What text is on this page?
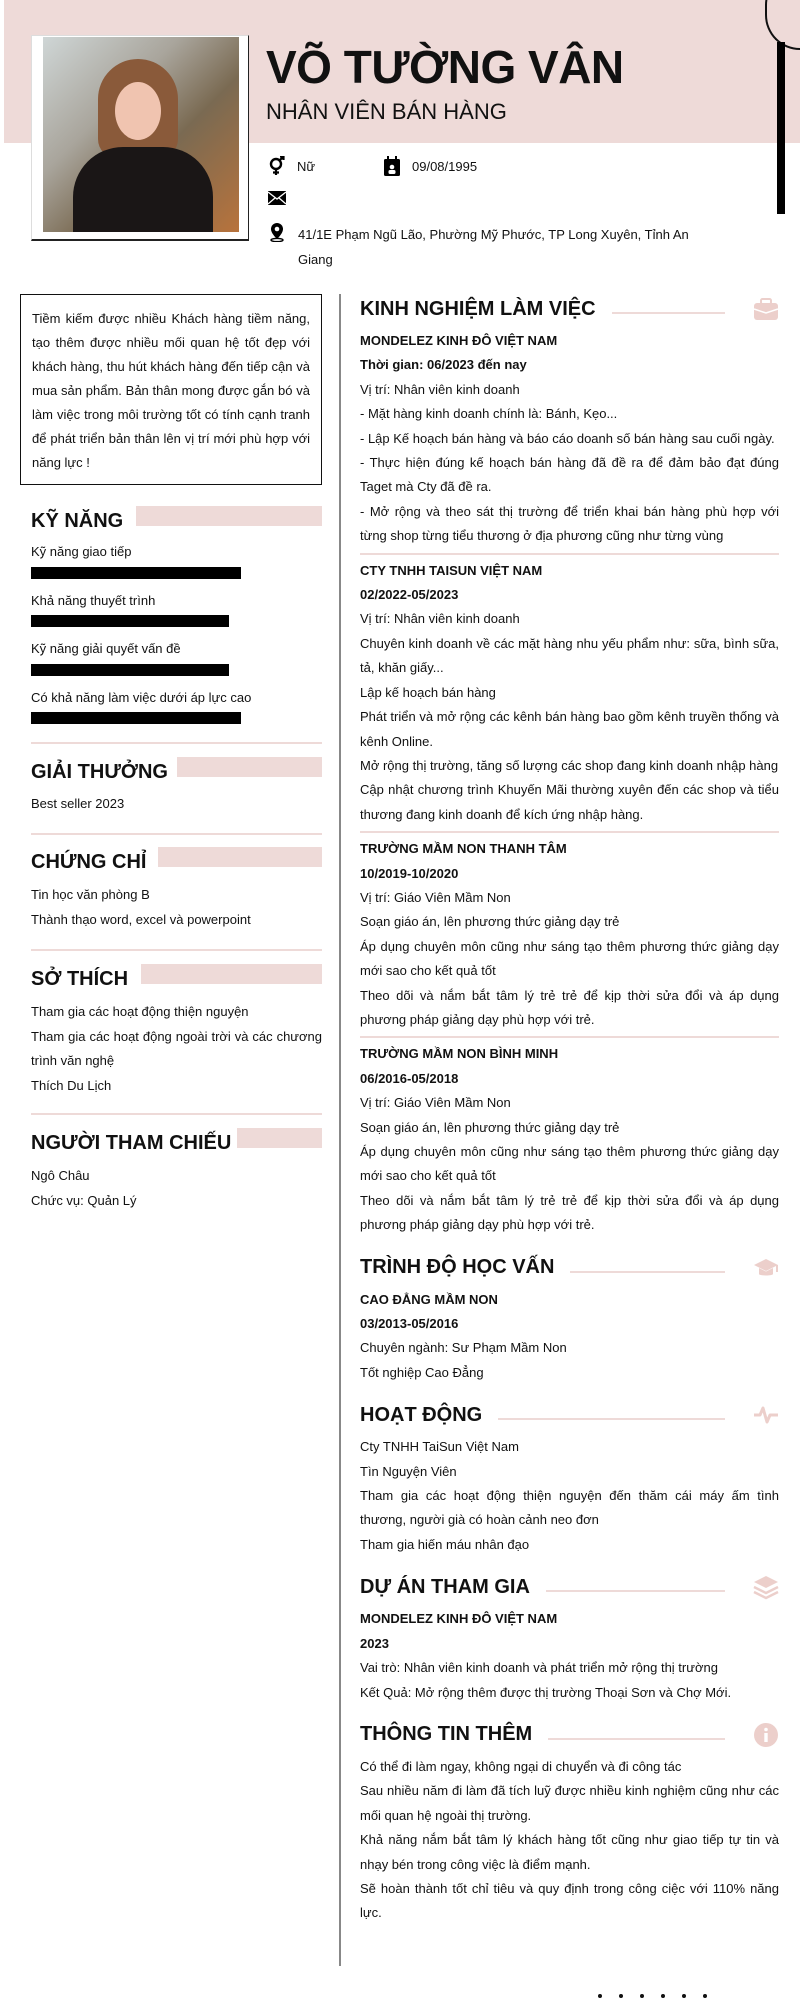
VÕ TƯỜNG VÂN
NHÂN VIÊN BÁN HÀNG
Nữ	09/08/1995
41/1E Phạm Ngũ Lão, Phường Mỹ Phước, TP Long Xuyên, Tỉnh An Giang
Tiềm kiếm được nhiều Khách hàng tiềm năng, tạo thêm được nhiều mối quan hệ tốt đẹp với khách hàng, thu hút khách hàng đến tiếp cận và mua sản phẩm. Bản thân mong được gắn bó và làm việc trong môi trường tốt có tính cạnh tranh để phát triển bản thân lên vị trí mới phù hợp với năng lực !
KỸ NĂNG
Kỹ năng giao tiếp
Khả năng thuyết trình
Kỹ năng giải quyết vấn đề
Có khả năng làm việc dưới áp lực cao
GIẢI THƯỞNG
Best seller 2023
CHỨNG CHỈ
Tin học văn phòng B
Thành thạo word, excel và powerpoint
SỞ THÍCH
Tham gia các hoạt động thiện nguyện
Tham gia các hoạt động ngoài trời và các chương trình văn nghệ
Thích Du Lịch
NGƯỜI THAM CHIẾU
Ngô Châu
Chức vụ: Quản Lý
KINH NGHIỆM LÀM VIỆC
MONDELEZ KINH ĐÔ VIỆT NAM
Thời gian: 06/2023 đến nay
Vị trí: Nhân viên kinh doanh
- Mặt hàng kinh doanh chính là: Bánh, Kẹo...
- Lập Kế hoạch bán hàng và báo cáo doanh số bán hàng sau cuối ngày.
- Thực hiện đúng kế hoạch bán hàng đã đề ra để đảm bảo đạt đúng Taget mà Cty đã đề ra.
- Mở rộng và theo sát thị trường để triển khai bán hàng phù hợp với từng shop từng tiểu thương ở địa phương cũng như từng vùng
CTY TNHH TAISUN VIỆT NAM
02/2022-05/2023
Vị trí: Nhân viên kinh doanh
Chuyên kinh doanh về các mặt hàng nhu yếu phẩm như: sữa, bình sữa, tả, khăn giấy...
Lập kế hoạch bán hàng
Phát triển và mở rộng các kênh bán hàng bao gồm kênh truyền thống và kênh Online.
Mở rộng thị trường, tăng số lượng các shop đang kinh doanh nhập hàng
Cập nhật chương trình Khuyến Mãi thường xuyên đến các shop và tiểu thương đang kinh doanh để kích ứng nhập hàng.
TRƯỜNG MẦM NON THANH TÂM
10/2019-10/2020
Vị trí: Giáo Viên Mầm Non
Soạn giáo án, lên phương thức giảng dạy trẻ
Áp dụng chuyên môn cũng như sáng tạo thêm phương thức giảng dạy mới sao cho kết quả tốt
Theo dõi và nắm bắt tâm lý trẻ trẻ để kịp thời sửa đổi và áp dụng phương pháp giảng dạy phù hợp với trẻ.
TRƯỜNG MẦM NON BÌNH MINH
06/2016-05/2018
Vị trí: Giáo Viên Mầm Non
Soạn giáo án, lên phương thức giảng dạy trẻ
Áp dụng chuyên môn cũng như sáng tạo thêm phương thức giảng dạy mới sao cho kết quả tốt
Theo dõi và nắm bắt tâm lý trẻ trẻ để kịp thời sửa đổi và áp dụng phương pháp giảng dạy phù hợp với trẻ.
TRÌNH ĐỘ HỌC VẤN
CAO ĐẲNG MẦM NON
03/2013-05/2016
Chuyên ngành: Sư Phạm Mầm Non
Tốt nghiệp Cao Đẳng
HOẠT ĐỘNG
Cty TNHH TaiSun Việt Nam
Tìn Nguyện Viên
Tham gia các hoạt động thiện nguyện đến thăm cái máy ấm tình thương, người già có hoàn cảnh neo đơn
Tham gia hiến máu nhân đạo
DỰ ÁN THAM GIA
MONDELEZ KINH ĐÔ VIỆT NAM
2023
Vai trò: Nhân viên kinh doanh và phát triển mở rộng thị trường
Kết Quả: Mở rộng thêm được thị trường Thoại Sơn và Chợ Mới.
THÔNG TIN THÊM
Có thể đi làm ngay, không ngại di chuyển và đi công tác
Sau nhiều năm đi làm đã tích luỹ được nhiều kinh nghiệm cũng như các mối quan hệ ngoài thị trường.
Khả năng nắm bắt tâm lý khách hàng tốt cũng như giao tiếp tự tin và nhạy bén trong công việc là điểm mạnh.
Sẽ hoàn thành tốt chỉ tiêu và quy định trong công ciệc với 110% năng lực.
